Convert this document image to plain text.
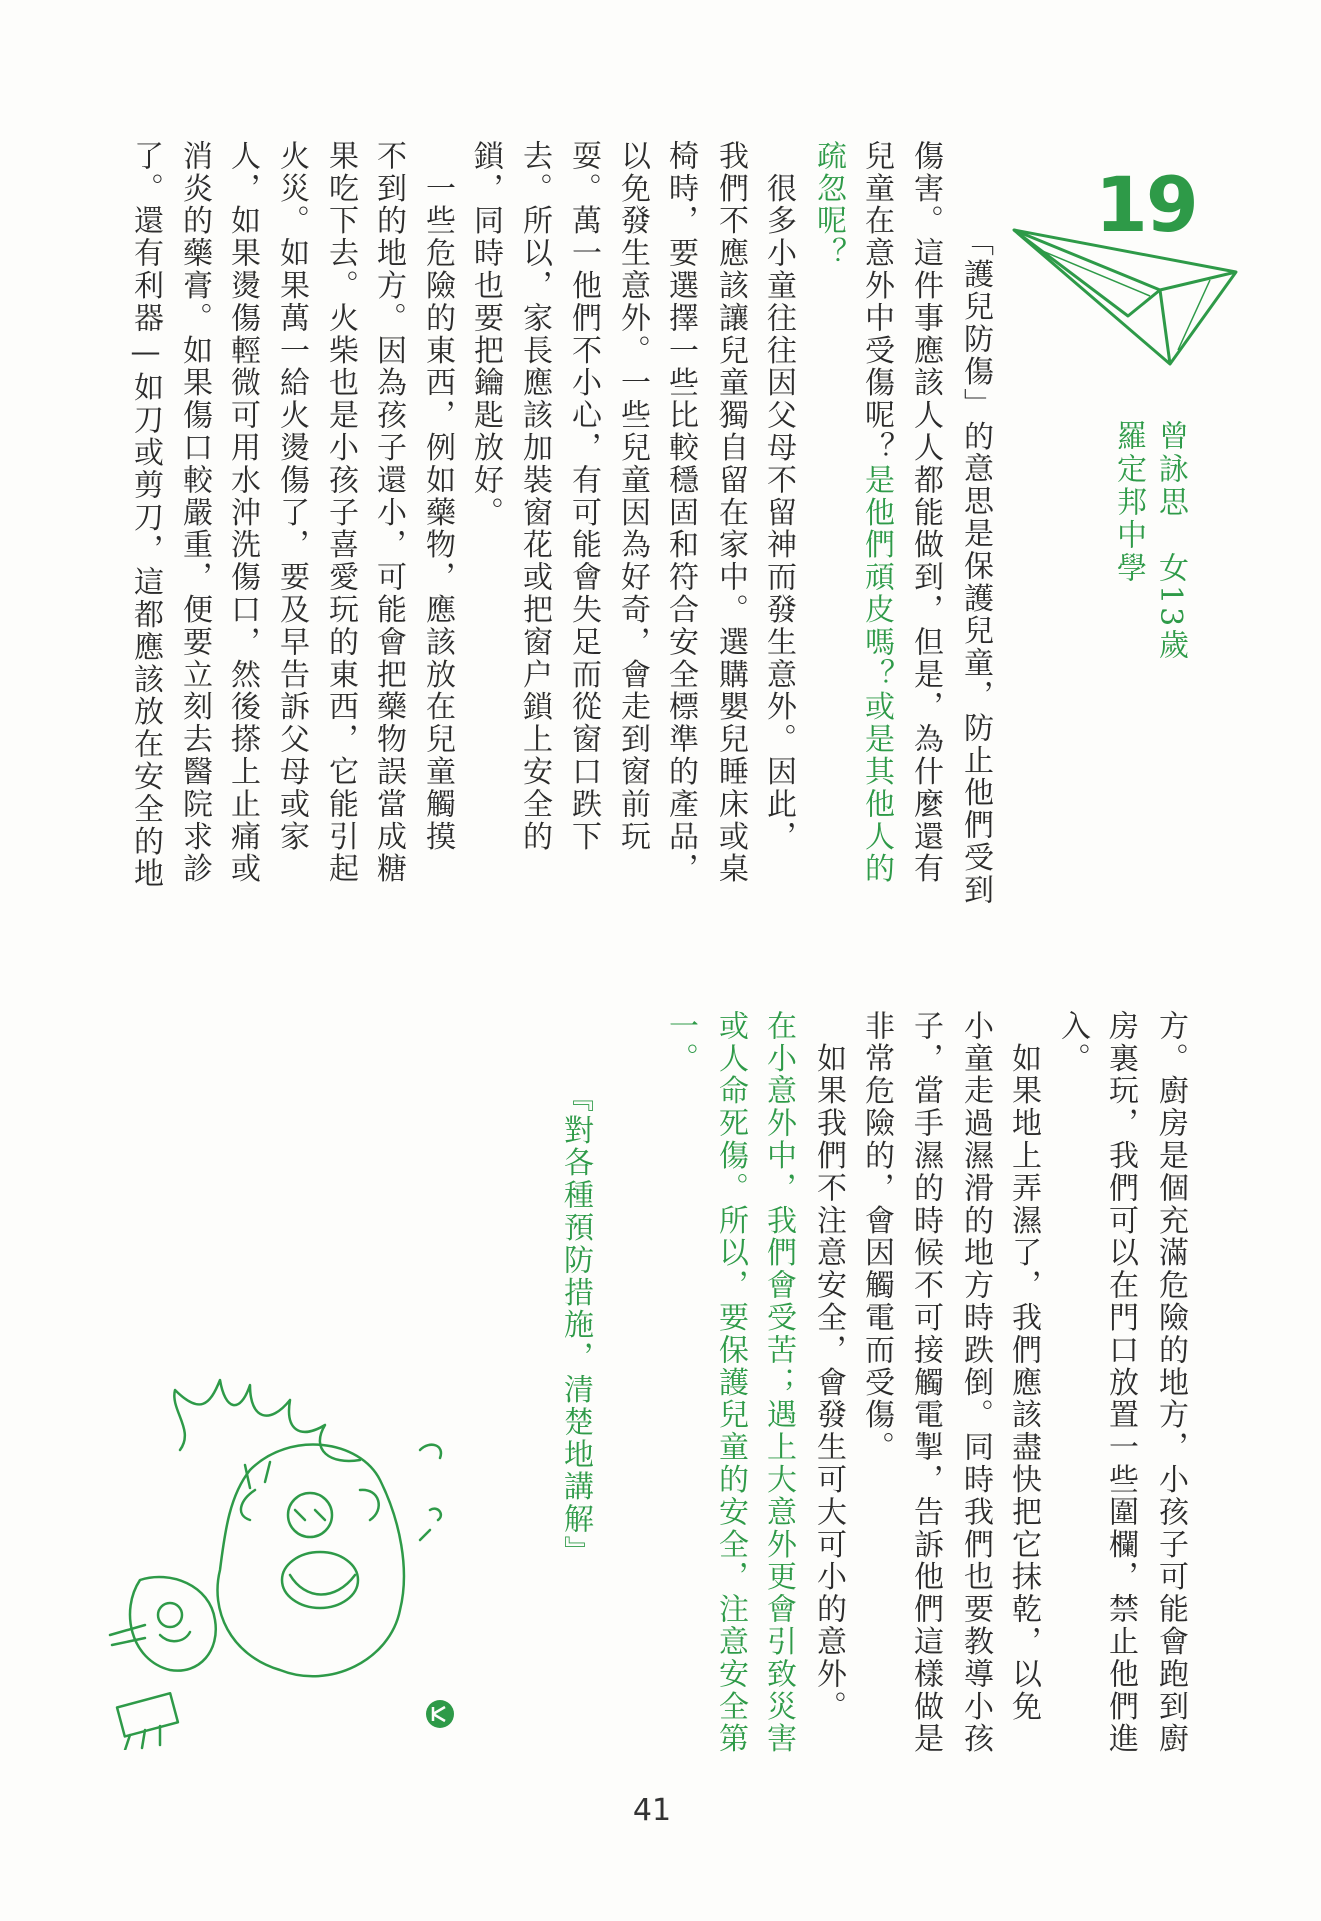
19
曾詠思　女13歲
羅定邦中學

「護兒防傷」的意思是保護兒童，防止他們受到

傷害。這件事應該人人都能做到，但是，為什麼還有

兒童在意外中受傷呢？是他們頑皮嗎？或是其他人的

疏忽呢？

　很多小童往往因父母不留神而發生意外。因此，

我們不應該讓兒童獨自留在家中。選購嬰兒睡床或桌

椅時，要選擇一些比較穩固和符合安全標準的產品，

以免發生意外。一些兒童因為好奇，會走到窗前玩

耍。萬一他們不小心，有可能會失足而從窗口跌下

去。所以，家長應該加裝窗花或把窗户鎖上安全的

鎖，同時也要把鑰匙放好。

　一些危險的東西，例如藥物，應該放在兒童觸摸

不到的地方。因為孩子還小，可能會把藥物誤當成糖

果吃下去。火柴也是小孩子喜愛玩的東西，它能引起

火災。如果萬一給火燙傷了，要及早告訴父母或家

人，如果燙傷輕微可用水沖洗傷口，然後搽上止痛或

消炎的藥膏。如果傷口較嚴重，便要立刻去醫院求診

了。還有利器—如刀或剪刀，這都應該放在安全的地

方。廚房是個充滿危險的地方，小孩子可能會跑到廚

房裏玩，我們可以在門口放置一些圍欄，禁止他們進

入。

　如果地上弄濕了，我們應該盡快把它抹乾，以免

小童走過濕滑的地方時跌倒。同時我們也要教導小孩

子，當手濕的時候不可接觸電掣，告訴他們這樣做是

非常危險的，會因觸電而受傷。

　如果我們不注意安全，會發生可大可小的意外。

在小意外中，我們會受苦；遇上大意外更會引致災害

或人命死傷。所以，要保護兒童的安全，注意安全第

一。

『對各種預防措施，清楚地講解』

41
